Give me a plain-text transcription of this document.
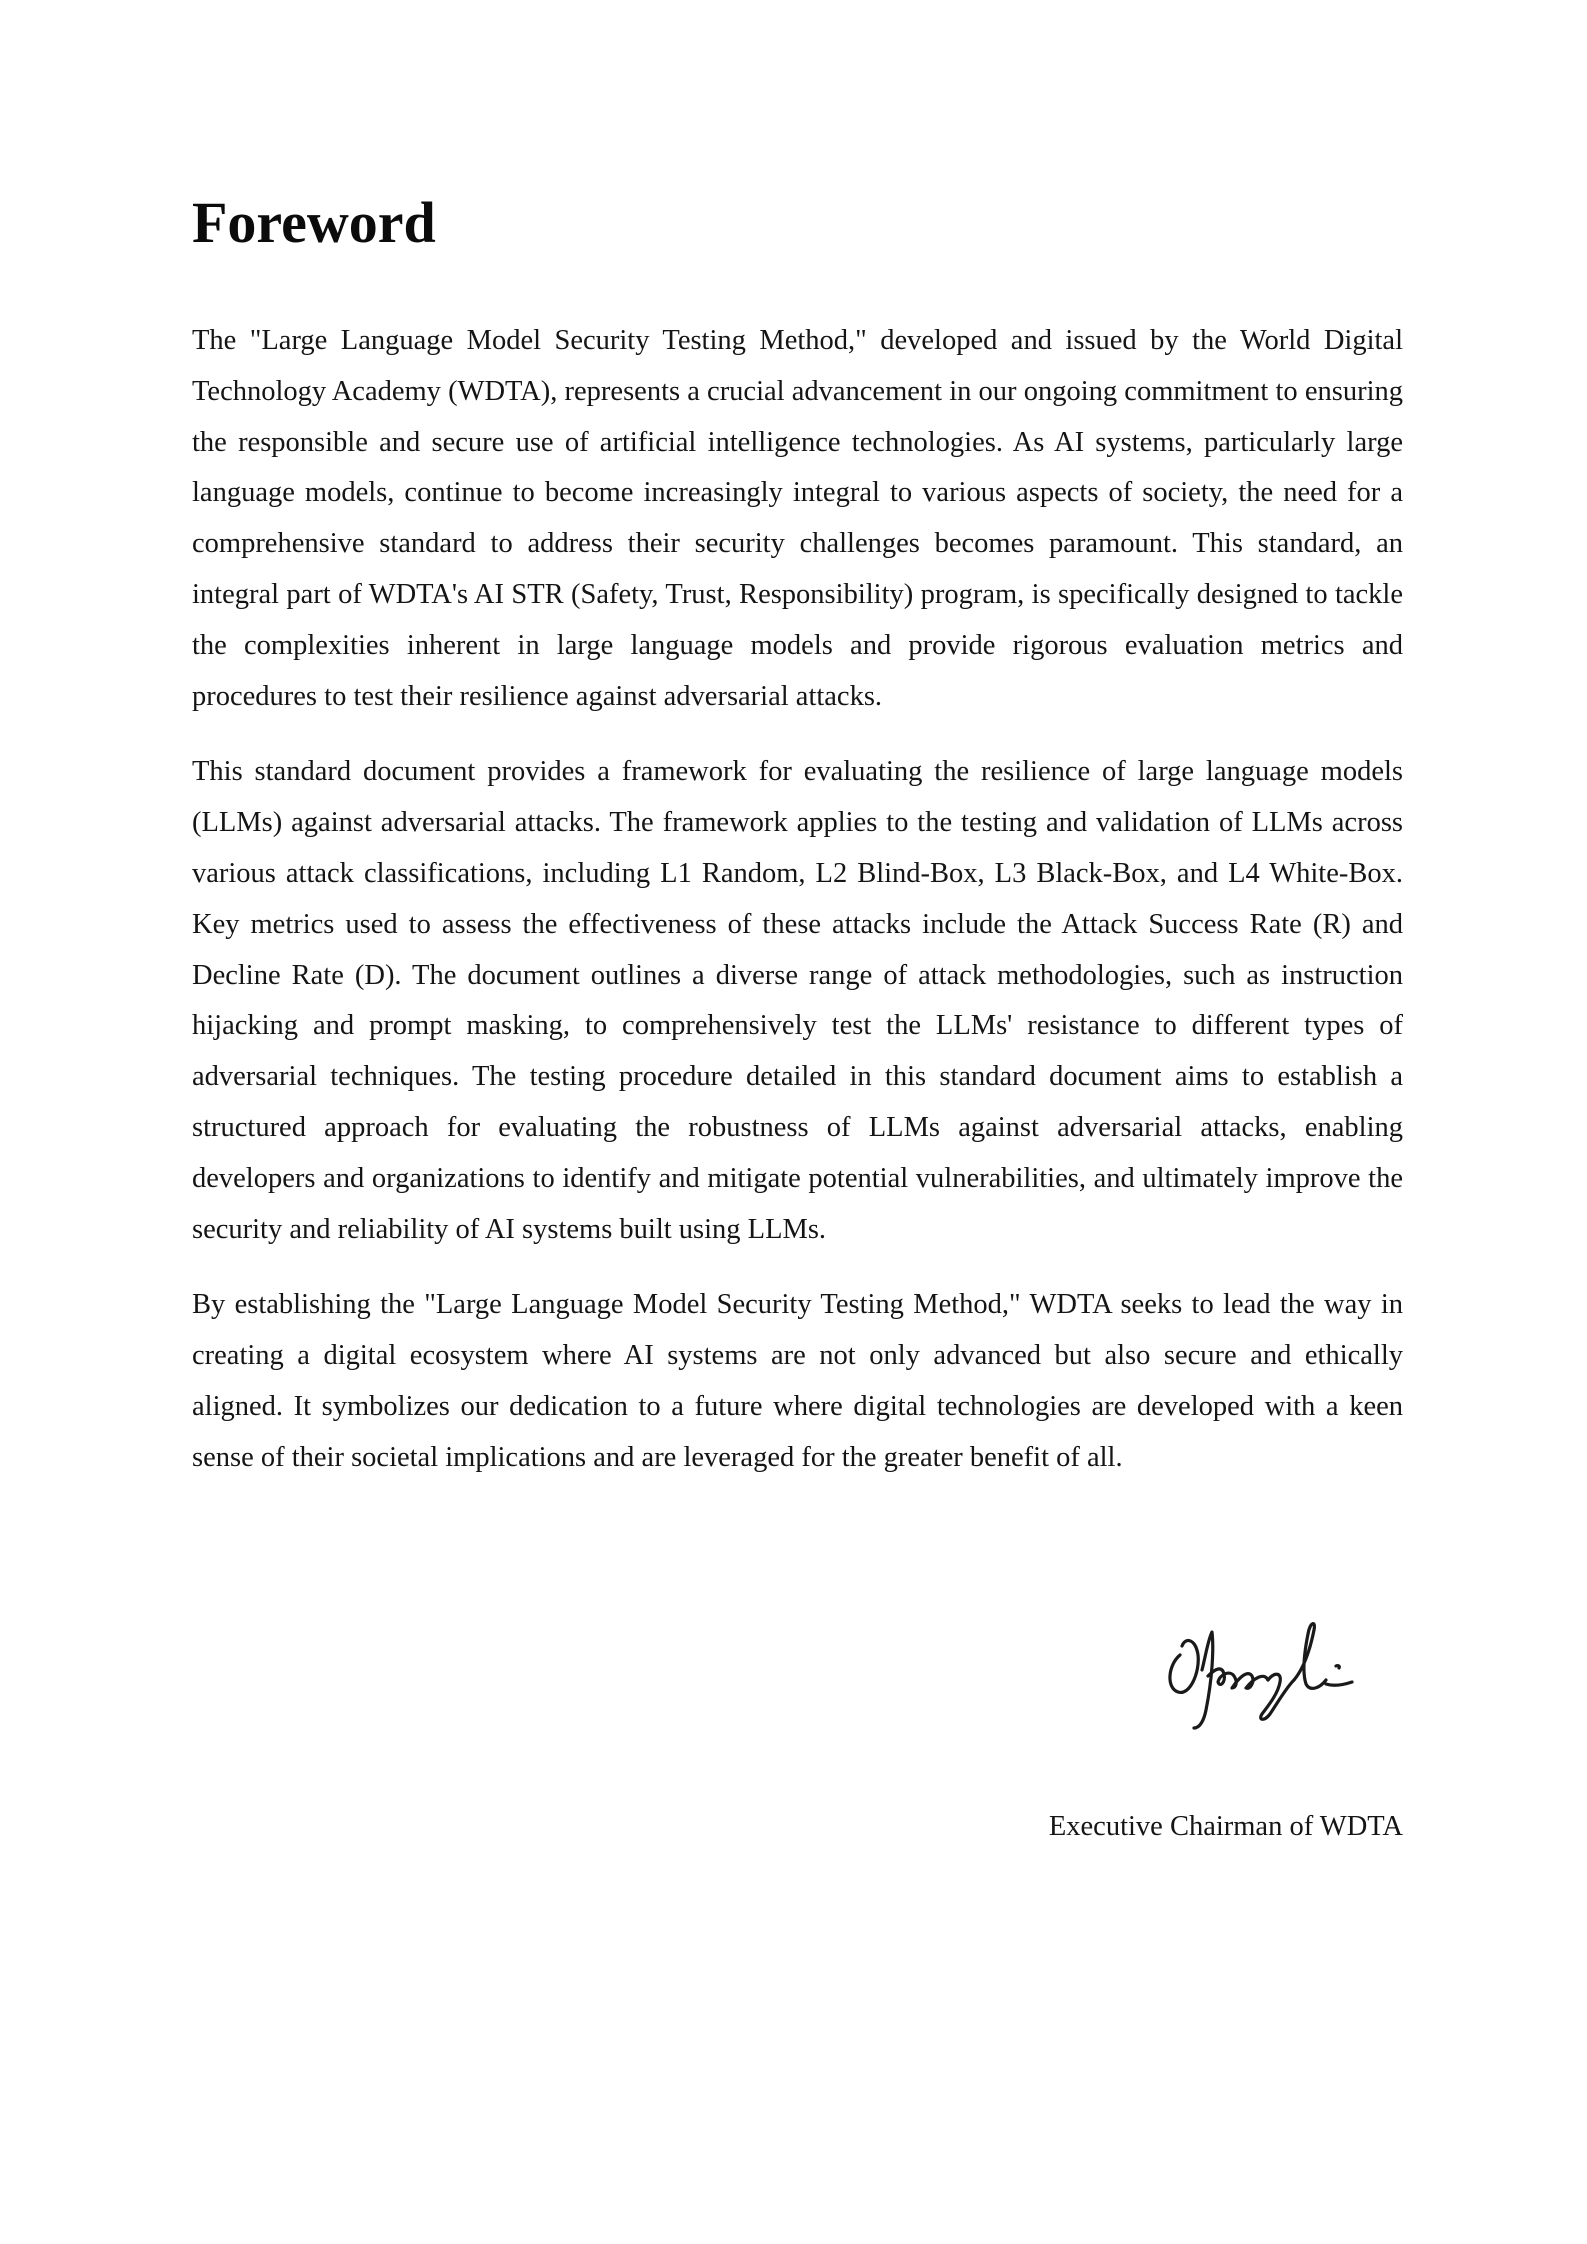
Foreword

The "Large Language Model Security Testing Method," developed and issued by the World Digital Technology Academy (WDTA), represents a crucial advancement in our ongoing commitment to ensuring the responsible and secure use of artificial intelligence technologies. As AI systems, particularly large language models, continue to become increasingly integral to various aspects of society, the need for a comprehensive standard to address their security challenges becomes paramount. This standard, an integral part of WDTA's AI STR (Safety, Trust, Responsibility) program, is specifically designed to tackle the complexities inherent in large language models and provide rigorous evaluation metrics and procedures to test their resilience against adversarial attacks.

This standard document provides a framework for evaluating the resilience of large language models (LLMs) against adversarial attacks. The framework applies to the testing and validation of LLMs across various attack classifications, including L1 Random, L2 Blind-Box, L3 Black-Box, and L4 White-Box. Key metrics used to assess the effectiveness of these attacks include the Attack Success Rate (R) and Decline Rate (D). The document outlines a diverse range of attack methodologies, such as instruction hijacking and prompt masking, to comprehensively test the LLMs' resistance to different types of adversarial techniques. The testing procedure detailed in this standard document aims to establish a structured approach for evaluating the robustness of LLMs against adversarial attacks, enabling developers and organizations to identify and mitigate potential vulnerabilities, and ultimately improve the security and reliability of AI systems built using LLMs.

By establishing the "Large Language Model Security Testing Method," WDTA seeks to lead the way in creating a digital ecosystem where AI systems are not only advanced but also secure and ethically aligned. It symbolizes our dedication to a future where digital technologies are developed with a keen sense of their societal implications and are leveraged for the greater benefit of all.

Executive Chairman of WDTA
